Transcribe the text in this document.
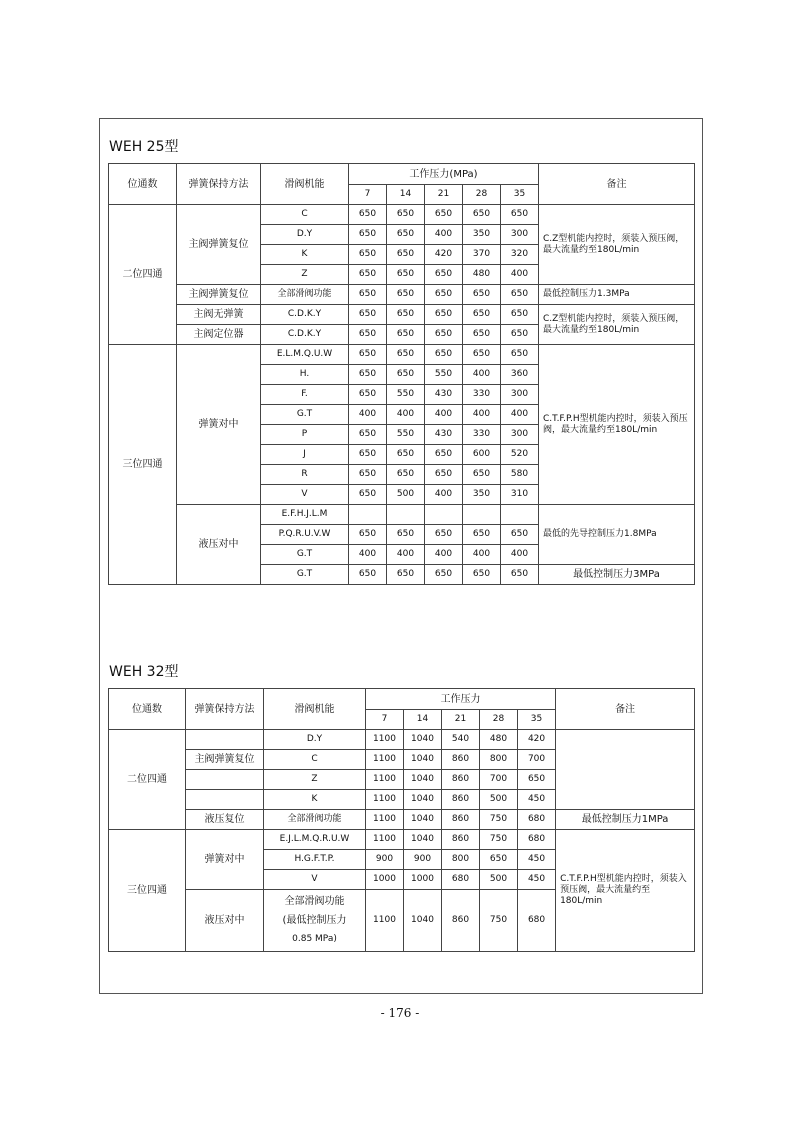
WEH 25型
位通数	弹簧保持方法	滑阀机能	工作压力(MPa)					备注
			7	14	21	28	35	
二位四通	主阀弹簧复位	C	650	650	650	650	650	C.Z型机能内控时，须装入预压阀，最大流量约至180L/min
		D.Y	650	650	400	350	300	
		K	650	650	420	370	320	
		Z	650	650	650	480	400	
	主阀弹簧复位	全部滑阀功能	650	650	650	650	650	最低控制压力1.3MPa
	主阀无弹簧	C.D.K.Y	650	650	650	650	650	C.Z型机能内控时，须装入预压阀，最大流量约至180L/min
	主阀定位器	C.D.K.Y	650	650	650	650	650	
三位四通	弹簧对中	E.L.M.Q.U.W	650	650	650	650	650	C.T.F.P.H型机能内控时，须装入预压阀，最大流量约至180L/min
		H.	650	650	550	400	360	
		F.	650	550	430	330	300	
		G.T	400	400	400	400	400	
		P	650	550	430	330	300	
		J	650	650	650	600	520	
		R	650	650	650	650	580	
		V	650	500	400	350	310	
	液压对中	E.F.H.J.L.M						最低的先导控制压力1.8MPa
		P.Q.R.U.V.W	650	650	650	650	650	
		G.T	400	400	400	400	400	
		G.T	650	650	650	650	650	最低控制压力3MPa
WEH 32型
位通数	弹簧保持方法	滑阀机能	工作压力					备注
			7	14	21	28	35	
二位四通		D.Y	1100	1040	540	480	420	
	主阀弹簧复位	C	1100	1040	860	800	700	
		Z	1100	1040	860	700	650	
		K	1100	1040	860	500	450	
	液压复位	全部滑阀功能	1100	1040	860	750	680	最低控制压力1MPa
三位四通	弹簧对中	E.J.L.M.Q.R.U.W	1100	1040	860	750	680	C.T.F.P.H型机能内控时，须装入预压阀，最大流量约至180L/min
		H.G.F.T.P.	900	900	800	650	450	
		V	1000	1000	680	500	450	
	液压对中	全部滑阀功能
(最低控制压力
0.85 MPa)	1100	1040	860	750	680	
- 176 -
